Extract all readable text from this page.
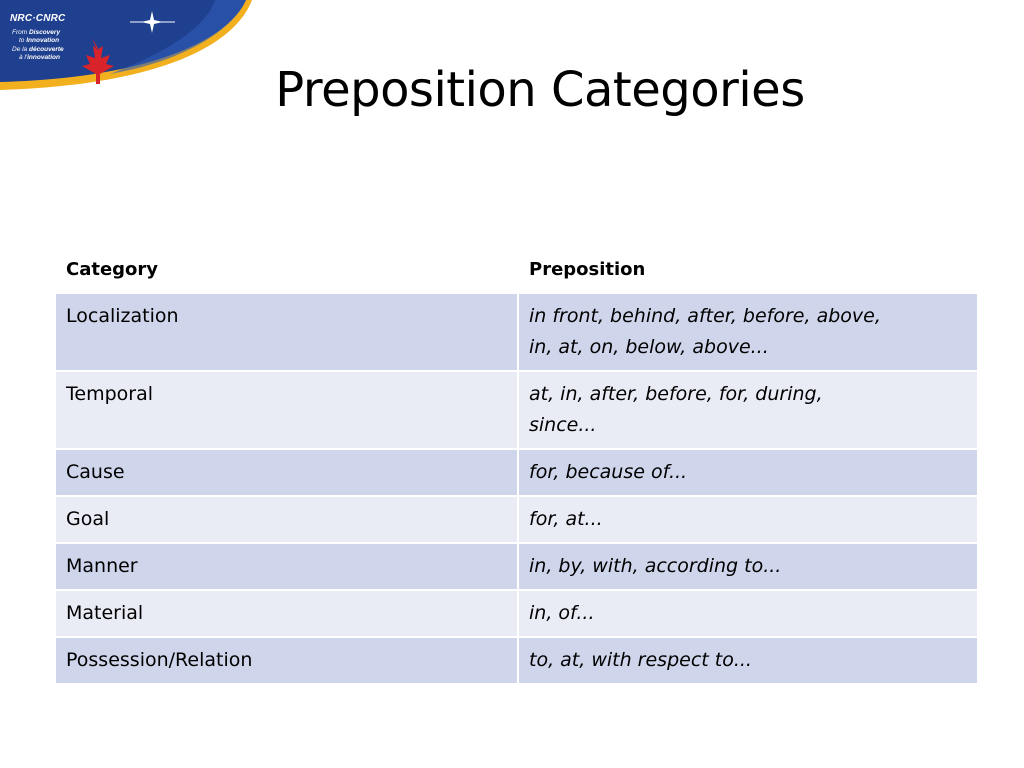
NRC·CNRC
From Discovery
to Innovation
De la découverte
à l'innovation
Preposition Categories
Category	Preposition
Localization	in front, behind, after, before, above,
in, at, on, below, above...

Temporal	at, in, after, before, for, during,
since...

Cause	for, because of...

Goal	for, at...

Manner	in, by, with, according to...

Material	in, of...

Possession/Relation	to, at, with respect to...
